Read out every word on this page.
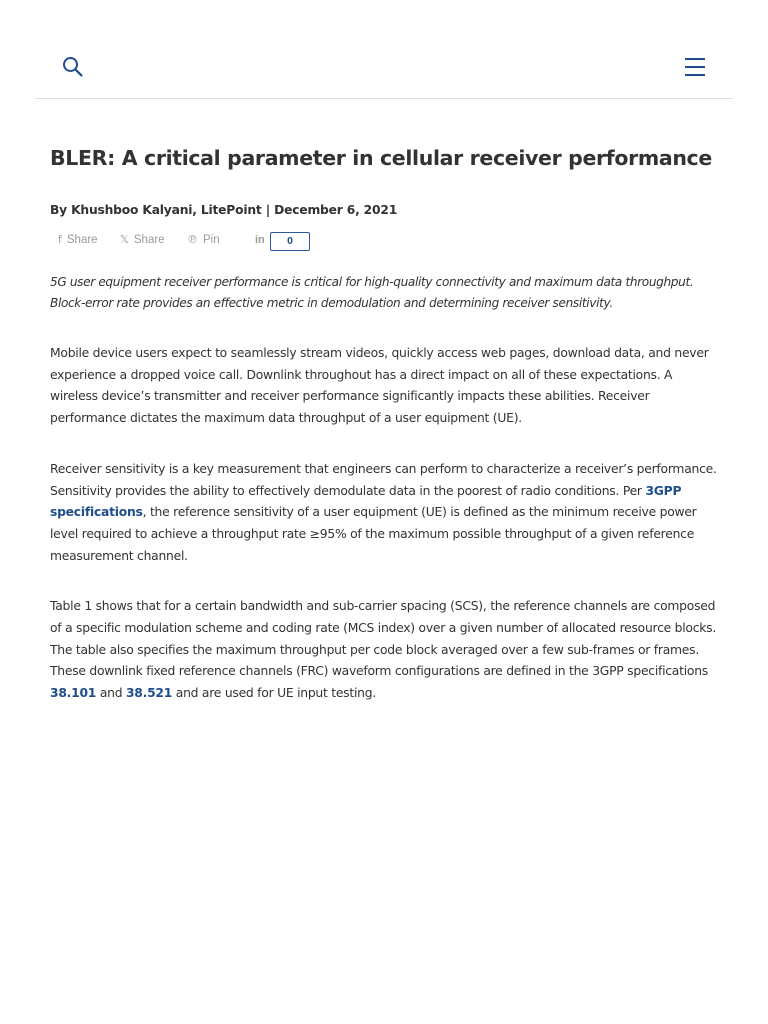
BLER: A critical parameter in cellular receiver performance
By Khushboo Kalyani, LitePoint | December 6, 2021
f Share 𝕏 Share ℗ Pin	in	0

5G user equipment receiver performance is critical for high-quality connectivity and maximum data throughput. Block-error rate provides an effective metric in demodulation and determining receiver sensitivity.

Mobile device users expect to seamlessly stream videos, quickly access web pages, download data, and never experience a dropped voice call. Downlink throughout has a direct impact on all of these expectations. A wireless device’s transmitter and receiver performance significantly impacts these abilities. Receiver performance dictates the maximum data throughput of a user equipment (UE).

Receiver sensitivity is a key measurement that engineers can perform to characterize a receiver’s performance. Sensitivity provides the ability to effectively demodulate data in the poorest of radio conditions. Per 3GPP specifications, the reference sensitivity of a user equipment (UE) is defined as the minimum receive power level required to achieve a throughput rate ≥95% of the maximum possible throughput of a given reference measurement channel.

Table 1 shows that for a certain bandwidth and sub-carrier spacing (SCS), the reference channels are composed of a specific modulation scheme and coding rate (MCS index) over a given number of allocated resource blocks. The table also specifies the maximum throughput per code block averaged over a few sub-frames or frames. These downlink fixed reference channels (FRC) waveform configurations are defined in the 3GPP specifications 38.101 and 38.521 and are used for UE input testing.
